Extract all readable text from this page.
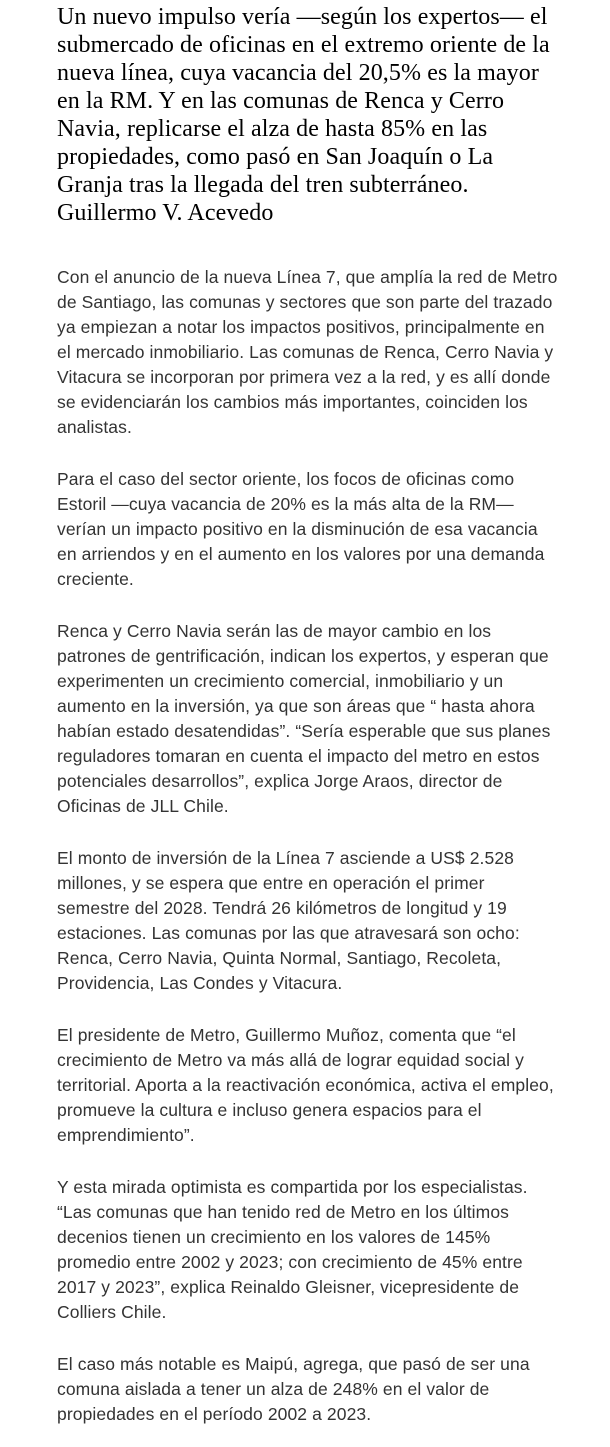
Un nuevo impulso vería —según los expertos— el submercado de oficinas en el extremo oriente de la nueva línea, cuya vacancia del 20,5% es la mayor en la RM. Y en las comunas de Renca y Cerro Navia, replicarse el alza de hasta 85% en las propiedades, como pasó en San Joaquín o La Granja tras la llegada del tren subterráneo.
Guillermo V. Acevedo

Con el anuncio de la nueva Línea 7, que amplía la red de Metro de Santiago, las comunas y sectores que son parte del trazado ya empiezan a notar los impactos positivos, principalmente en el mercado inmobiliario. Las comunas de Renca, Cerro Navia y Vitacura se incorporan por primera vez a la red, y es allí donde se evidenciarán los cambios más importantes, coinciden los analistas.

Para el caso del sector oriente, los focos de oficinas como Estoril —cuya vacancia de 20% es la más alta de la RM— verían un impacto positivo en la disminución de esa vacancia en arriendos y en el aumento en los valores por una demanda creciente.

Renca y Cerro Navia serán las de mayor cambio en los patrones de gentrificación, indican los expertos, y esperan que experimenten un crecimiento comercial, inmobiliario y un aumento en la inversión, ya que son áreas que “ hasta ahora habían estado desatendidas”. “Sería esperable que sus planes reguladores tomaran en cuenta el impacto del metro en estos potenciales desarrollos”, explica Jorge Araos, director de Oficinas de JLL Chile.

El monto de inversión de la Línea 7 asciende a US$ 2.528 millones, y se espera que entre en operación el primer semestre del 2028. Tendrá 26 kilómetros de longitud y 19 estaciones. Las comunas por las que atravesará son ocho: Renca, Cerro Navia, Quinta Normal, Santiago, Recoleta, Providencia, Las Condes y Vitacura.

El presidente de Metro, Guillermo Muñoz, comenta que “el crecimiento de Metro va más allá de lograr equidad social y territorial. Aporta a la reactivación económica, activa el empleo, promueve la cultura e incluso genera espacios para el emprendimiento”.

Y esta mirada optimista es compartida por los especialistas. “Las comunas que han tenido red de Metro en los últimos decenios tienen un crecimiento en los valores de 145% promedio entre 2002 y 2023; con crecimiento de 45% entre 2017 y 2023”, explica Reinaldo Gleisner, vicepresidente de Colliers Chile.

El caso más notable es Maipú, agrega, que pasó de ser una comuna aislada a tener un alza de 248% en el valor de propiedades en el período 2002 a 2023.
